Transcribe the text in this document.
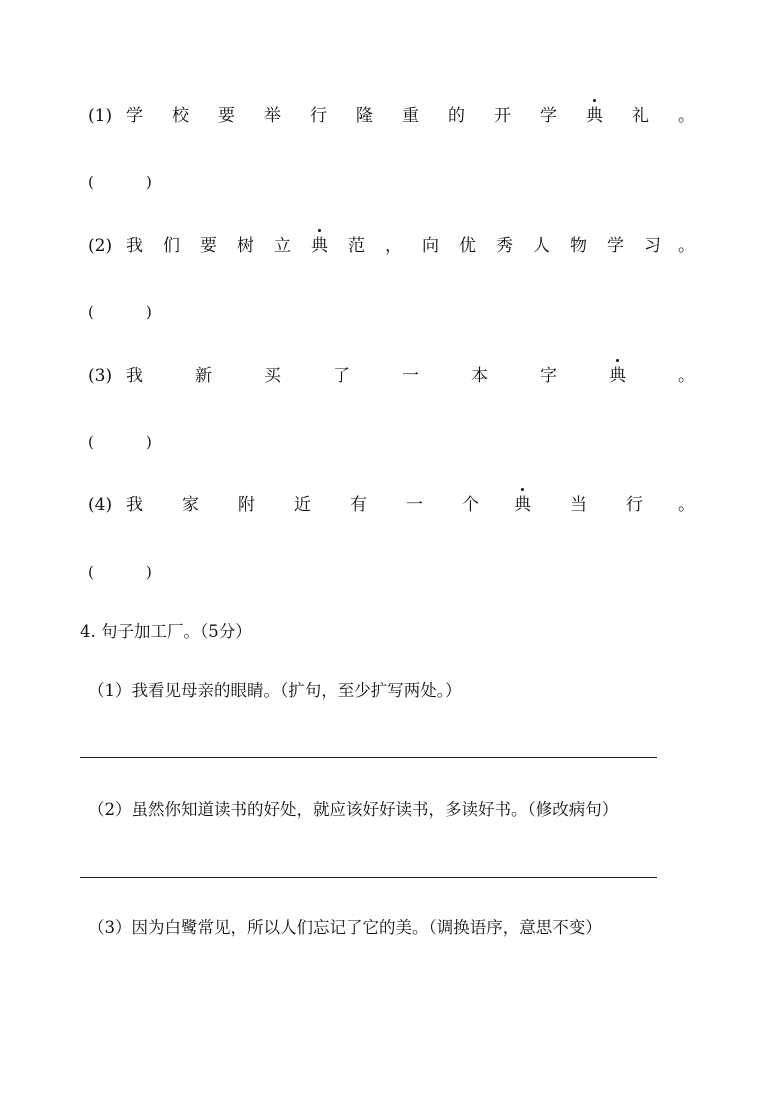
(1) 学 校 要 举 行 隆 重 的 开 学 典 礼 。
(	)
(2) 我 们 要 树 立 典 范 ， 向 优 秀 人 物 学 习 。
(	)
(3) 我	新	买	了	一	本	字	典	。
(	)
(4) 我 家 附 近 有 一 个 典 当 行 。
(	)
4. 句子加工厂。（5分）
（1）我看见母亲的眼睛。（扩句，至少扩写两处。）
（2）虽然你知道读书的好处，就应该好好读书，多读好书。（修改病句）
（3）因为白鹭常见，所以人们忘记了它的美。（调换语序，意思不变）
